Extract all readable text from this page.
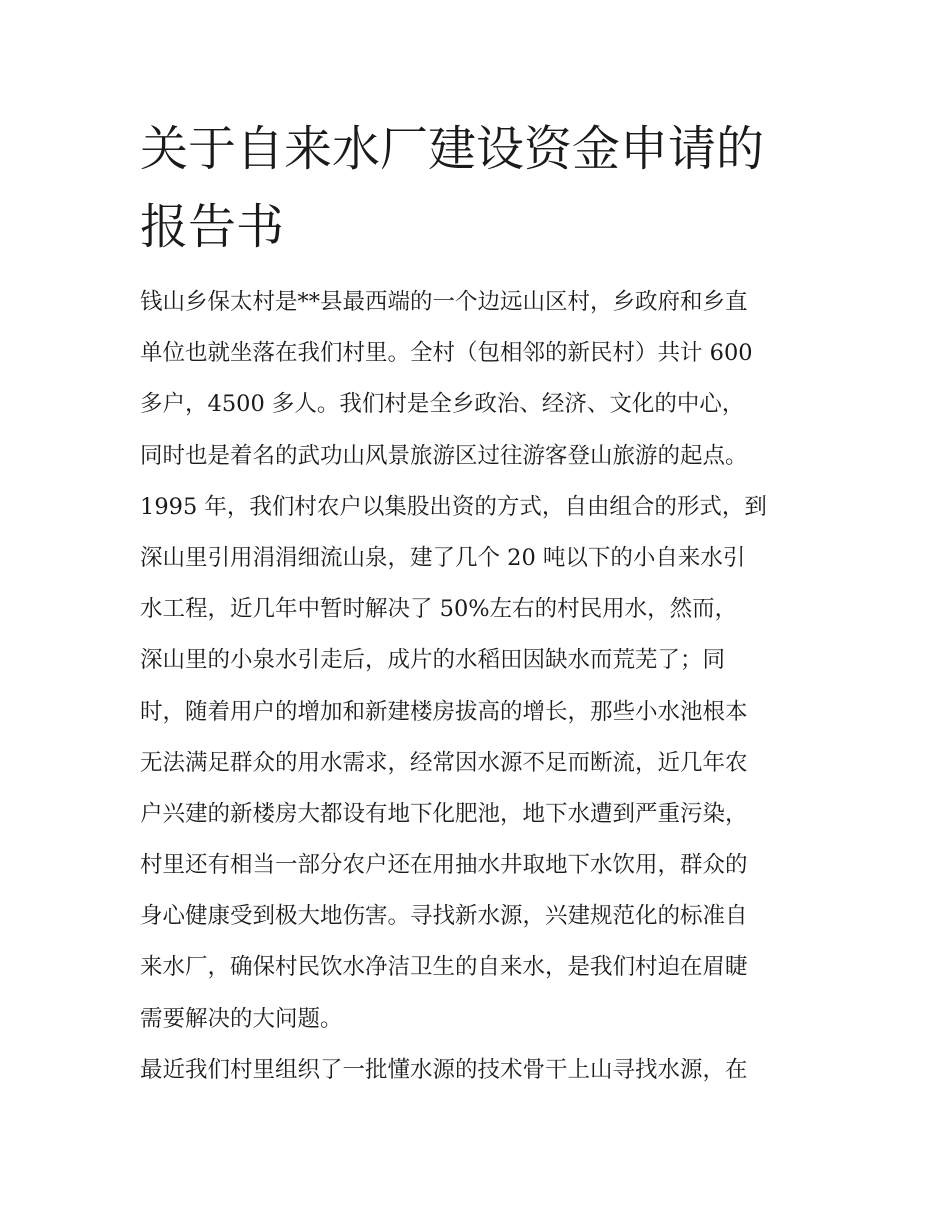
关于自来水厂建设资金申请的
报告书

钱山乡保太村是**县最西端的一个边远山区村，乡政府和乡直
单位也就坐落在我们村里。全村（包相邻的新民村）共计 600
多户，4500 多人。我们村是全乡政治、经济、文化的中心，
同时也是着名的武功山风景旅游区过往游客登山旅游的起点。
1995 年，我们村农户以集股出资的方式，自由组合的形式，到
深山里引用涓涓细流山泉，建了几个 20 吨以下的小自来水引
水工程，近几年中暂时解决了 50%左右的村民用水，然而，
深山里的小泉水引走后，成片的水稻田因缺水而荒芜了；同
时，随着用户的增加和新建楼房拔高的增长，那些小水池根本
无法满足群众的用水需求，经常因水源不足而断流，近几年农
户兴建的新楼房大都设有地下化肥池，地下水遭到严重污染，
村里还有相当一部分农户还在用抽水井取地下水饮用，群众的
身心健康受到极大地伤害。寻找新水源，兴建规范化的标准自
来水厂，确保村民饮水净洁卫生的自来水，是我们村迫在眉睫
需要解决的大问题。

最近我们村里组织了一批懂水源的技术骨干上山寻找水源，在
